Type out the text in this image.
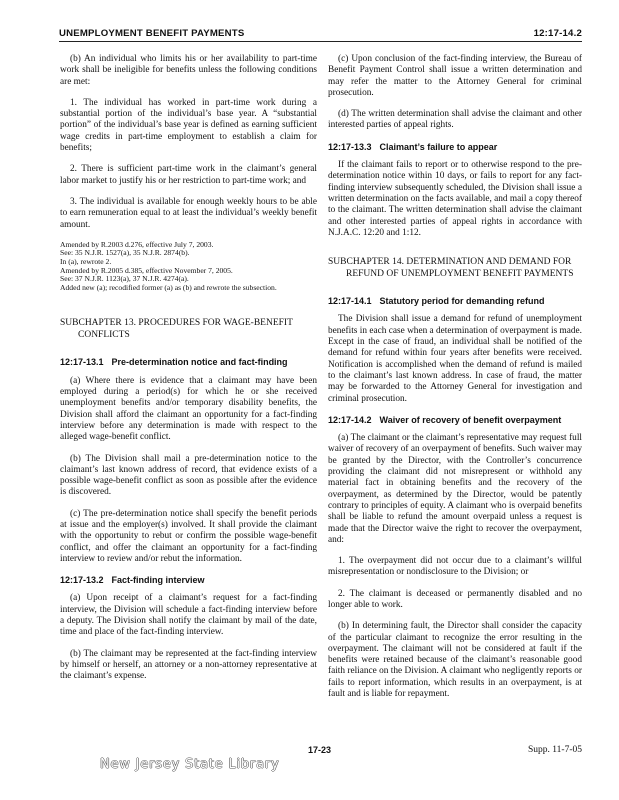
UNEMPLOYMENT BENEFIT PAYMENTS	12:17-14.2

(b) An individual who limits his or her availability to part-time work shall be ineligible for benefits unless the following conditions are met:

1. The individual has worked in part-time work during a substantial portion of the individual’s base year. A “substantial portion” of the individual’s base year is defined as earning sufficient wage credits in part-time employment to establish a claim for benefits;

2. There is sufficient part-time work in the claimant’s general labor market to justify his or her restriction to part-time work; and

3. The individual is available for enough weekly hours to be able to earn remuneration equal to at least the individual’s weekly benefit amount.

Amended by R.2003 d.276, effective July 7, 2003.

See: 35 N.J.R. 1527(a), 35 N.J.R. 2874(b).

In (a), rewrote 2.

Amended by R.2005 d.385, effective November 7, 2005.

See: 37 N.J.R. 1123(a), 37 N.J.R. 4274(a).

Added new (a); recodified former (a) as (b) and rewrote the subsection.

SUBCHAPTER 13. PROCEDURES FOR WAGE-BENEFIT CONFLICTS

12:17-13.1 Pre-determination notice and fact-finding

(a) Where there is evidence that a claimant may have been employed during a period(s) for which he or she received unemployment benefits and/or temporary disability benefits, the Division shall afford the claimant an opportunity for a fact-finding interview before any determination is made with respect to the alleged wage-benefit conflict.

(b) The Division shall mail a pre-determination notice to the claimant’s last known address of record, that evidence exists of a possible wage-benefit conflict as soon as possible after the evidence is discovered.

(c) The pre-determination notice shall specify the benefit periods at issue and the employer(s) involved. It shall provide the claimant with the opportunity to rebut or confirm the possible wage-benefit conflict, and offer the claimant an opportunity for a fact-finding interview to review and/or rebut the information.

12:17-13.2 Fact-finding interview

(a) Upon receipt of a claimant’s request for a fact-finding interview, the Division will schedule a fact-finding interview before a deputy. The Division shall notify the claimant by mail of the date, time and place of the fact-finding interview.

(b) The claimant may be represented at the fact-finding interview by himself or herself, an attorney or a non-attorney representative at the claimant’s expense.

(c) Upon conclusion of the fact-finding interview, the Bureau of Benefit Payment Control shall issue a written determination and may refer the matter to the Attorney General for criminal prosecution.

(d) The written determination shall advise the claimant and other interested parties of appeal rights.

12:17-13.3 Claimant’s failure to appear

If the claimant fails to report or to otherwise respond to the pre-determination notice within 10 days, or fails to report for any fact-finding interview subsequently scheduled, the Division shall issue a written determination on the facts available, and mail a copy thereof to the claimant. The written determination shall advise the claimant and other interested parties of appeal rights in accordance with N.J.A.C. 12:20 and 1:12.

SUBCHAPTER 14. DETERMINATION AND DEMAND FOR REFUND OF UNEMPLOYMENT BENEFIT PAYMENTS

12:17-14.1 Statutory period for demanding refund

The Division shall issue a demand for refund of unemployment benefits in each case when a determination of overpayment is made. Except in the case of fraud, an individual shall be notified of the demand for refund within four years after benefits were received. Notification is accomplished when the demand of refund is mailed to the claimant’s last known address. In case of fraud, the matter may be forwarded to the Attorney General for investigation and criminal prosecution.

12:17-14.2 Waiver of recovery of benefit overpayment

(a) The claimant or the claimant’s representative may request full waiver of recovery of an overpayment of benefits. Such waiver may be granted by the Director, with the Controller’s concurrence providing the claimant did not misrepresent or withhold any material fact in obtaining benefits and the recovery of the overpayment, as determined by the Director, would be patently contrary to principles of equity. A claimant who is overpaid benefits shall be liable to refund the amount overpaid unless a request is made that the Director waive the right to recover the overpayment, and:

1. The overpayment did not occur due to a claimant’s willful misrepresentation or nondisclosure to the Division; or

2. The claimant is deceased or permanently disabled and no longer able to work.

(b) In determining fault, the Director shall consider the capacity of the particular claimant to recognize the error resulting in the overpayment. The claimant will not be considered at fault if the benefits were retained because of the claimant’s reasonable good faith reliance on the Division. A claimant who negligently reports or fails to report information, which results in an overpayment, is at fault and is liable for repayment.

17-23	Supp. 11-7-05
New Jersey State Library
